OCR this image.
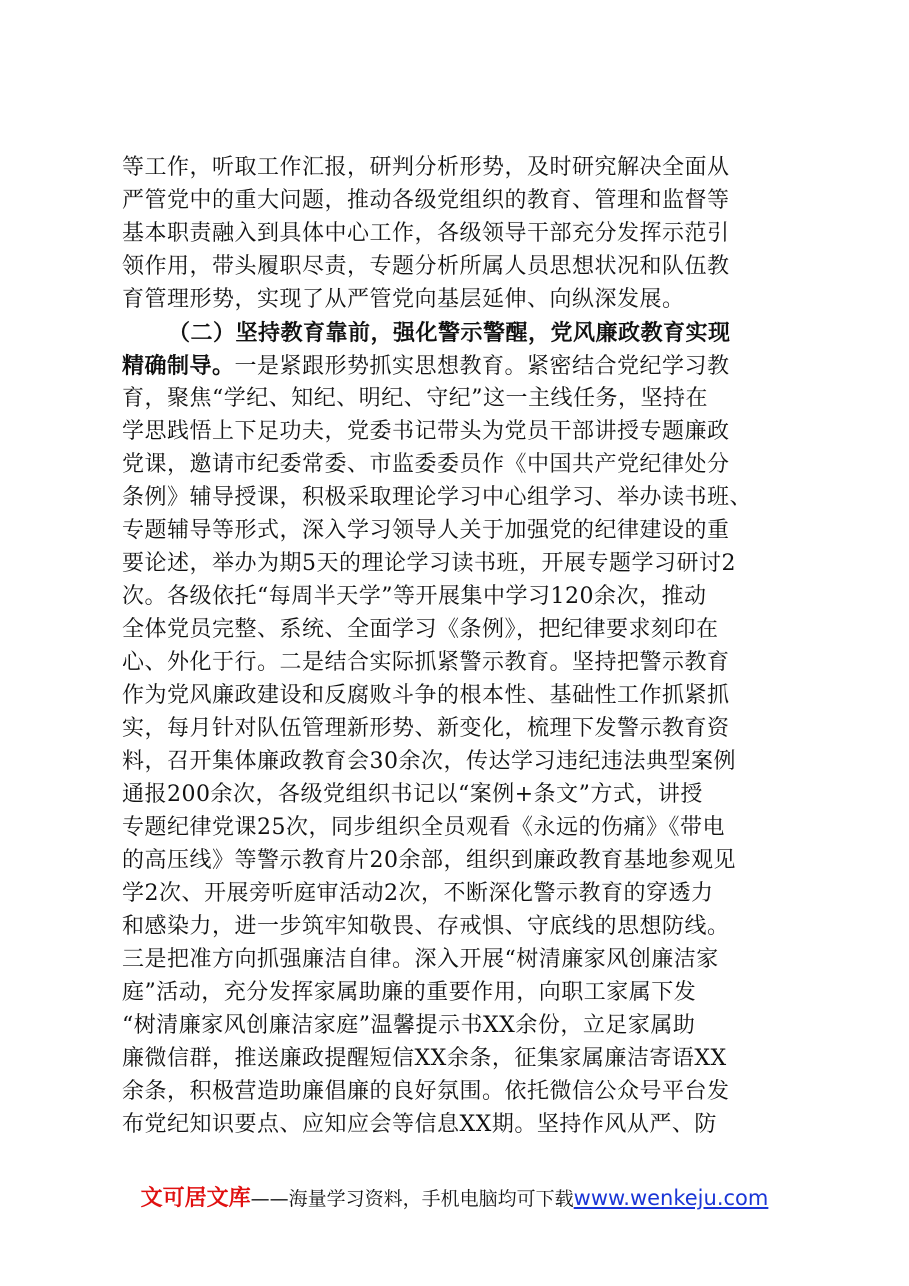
等工作，听取工作汇报，研判分析形势，及时研究解决全面从
严管党中的重大问题，推动各级党组织的教育、管理和监督等
基本职责融入到具体中心工作，各级领导干部充分发挥示范引
领作用，带头履职尽责，专题分析所属人员思想状况和队伍教
育管理形势，实现了从严管党向基层延伸、向纵深发展。
（二）坚持教育靠前，强化警示警醒，党风廉政教育实现
精确制导。一是紧跟形势抓实思想教育。紧密结合党纪学习教
育，聚焦“学纪、知纪、明纪、守纪”这一主线任务，坚持在
学思践悟上下足功夫，党委书记带头为党员干部讲授专题廉政
党课，邀请市纪委常委、市监委委员作《中国共产党纪律处分
条例》辅导授课，积极采取理论学习中心组学习、举办读书班、
专题辅导等形式，深入学习领导人关于加强党的纪律建设的重
要论述，举办为期5天的理论学习读书班，开展专题学习研讨2
次。各级依托“每周半天学”等开展集中学习120余次，推动
全体党员完整、系统、全面学习《条例》，把纪律要求刻印在
心、外化于行。二是结合实际抓紧警示教育。坚持把警示教育
作为党风廉政建设和反腐败斗争的根本性、基础性工作抓紧抓
实，每月针对队伍管理新形势、新变化，梳理下发警示教育资
料，召开集体廉政教育会30余次，传达学习违纪违法典型案例
通报200余次，各级党组织书记以“案例+条文”方式，讲授
专题纪律党课25次，同步组织全员观看《永远的伤痛》《带电
的高压线》等警示教育片20余部，组织到廉政教育基地参观见
学2次、开展旁听庭审活动2次，不断深化警示教育的穿透力
和感染力，进一步筑牢知敬畏、存戒惧、守底线的思想防线。
三是把准方向抓强廉洁自律。深入开展“树清廉家风创廉洁家
庭”活动，充分发挥家属助廉的重要作用，向职工家属下发
“树清廉家风创廉洁家庭”温馨提示书XX余份，立足家属助
廉微信群，推送廉政提醒短信XX余条，征集家属廉洁寄语XX
余条，积极营造助廉倡廉的良好氛围。依托微信公众号平台发
布党纪知识要点、应知应会等信息XX期。坚持作风从严、防
文可居文库——海量学习资料，手机电脑均可下载www.wenkeju.com
